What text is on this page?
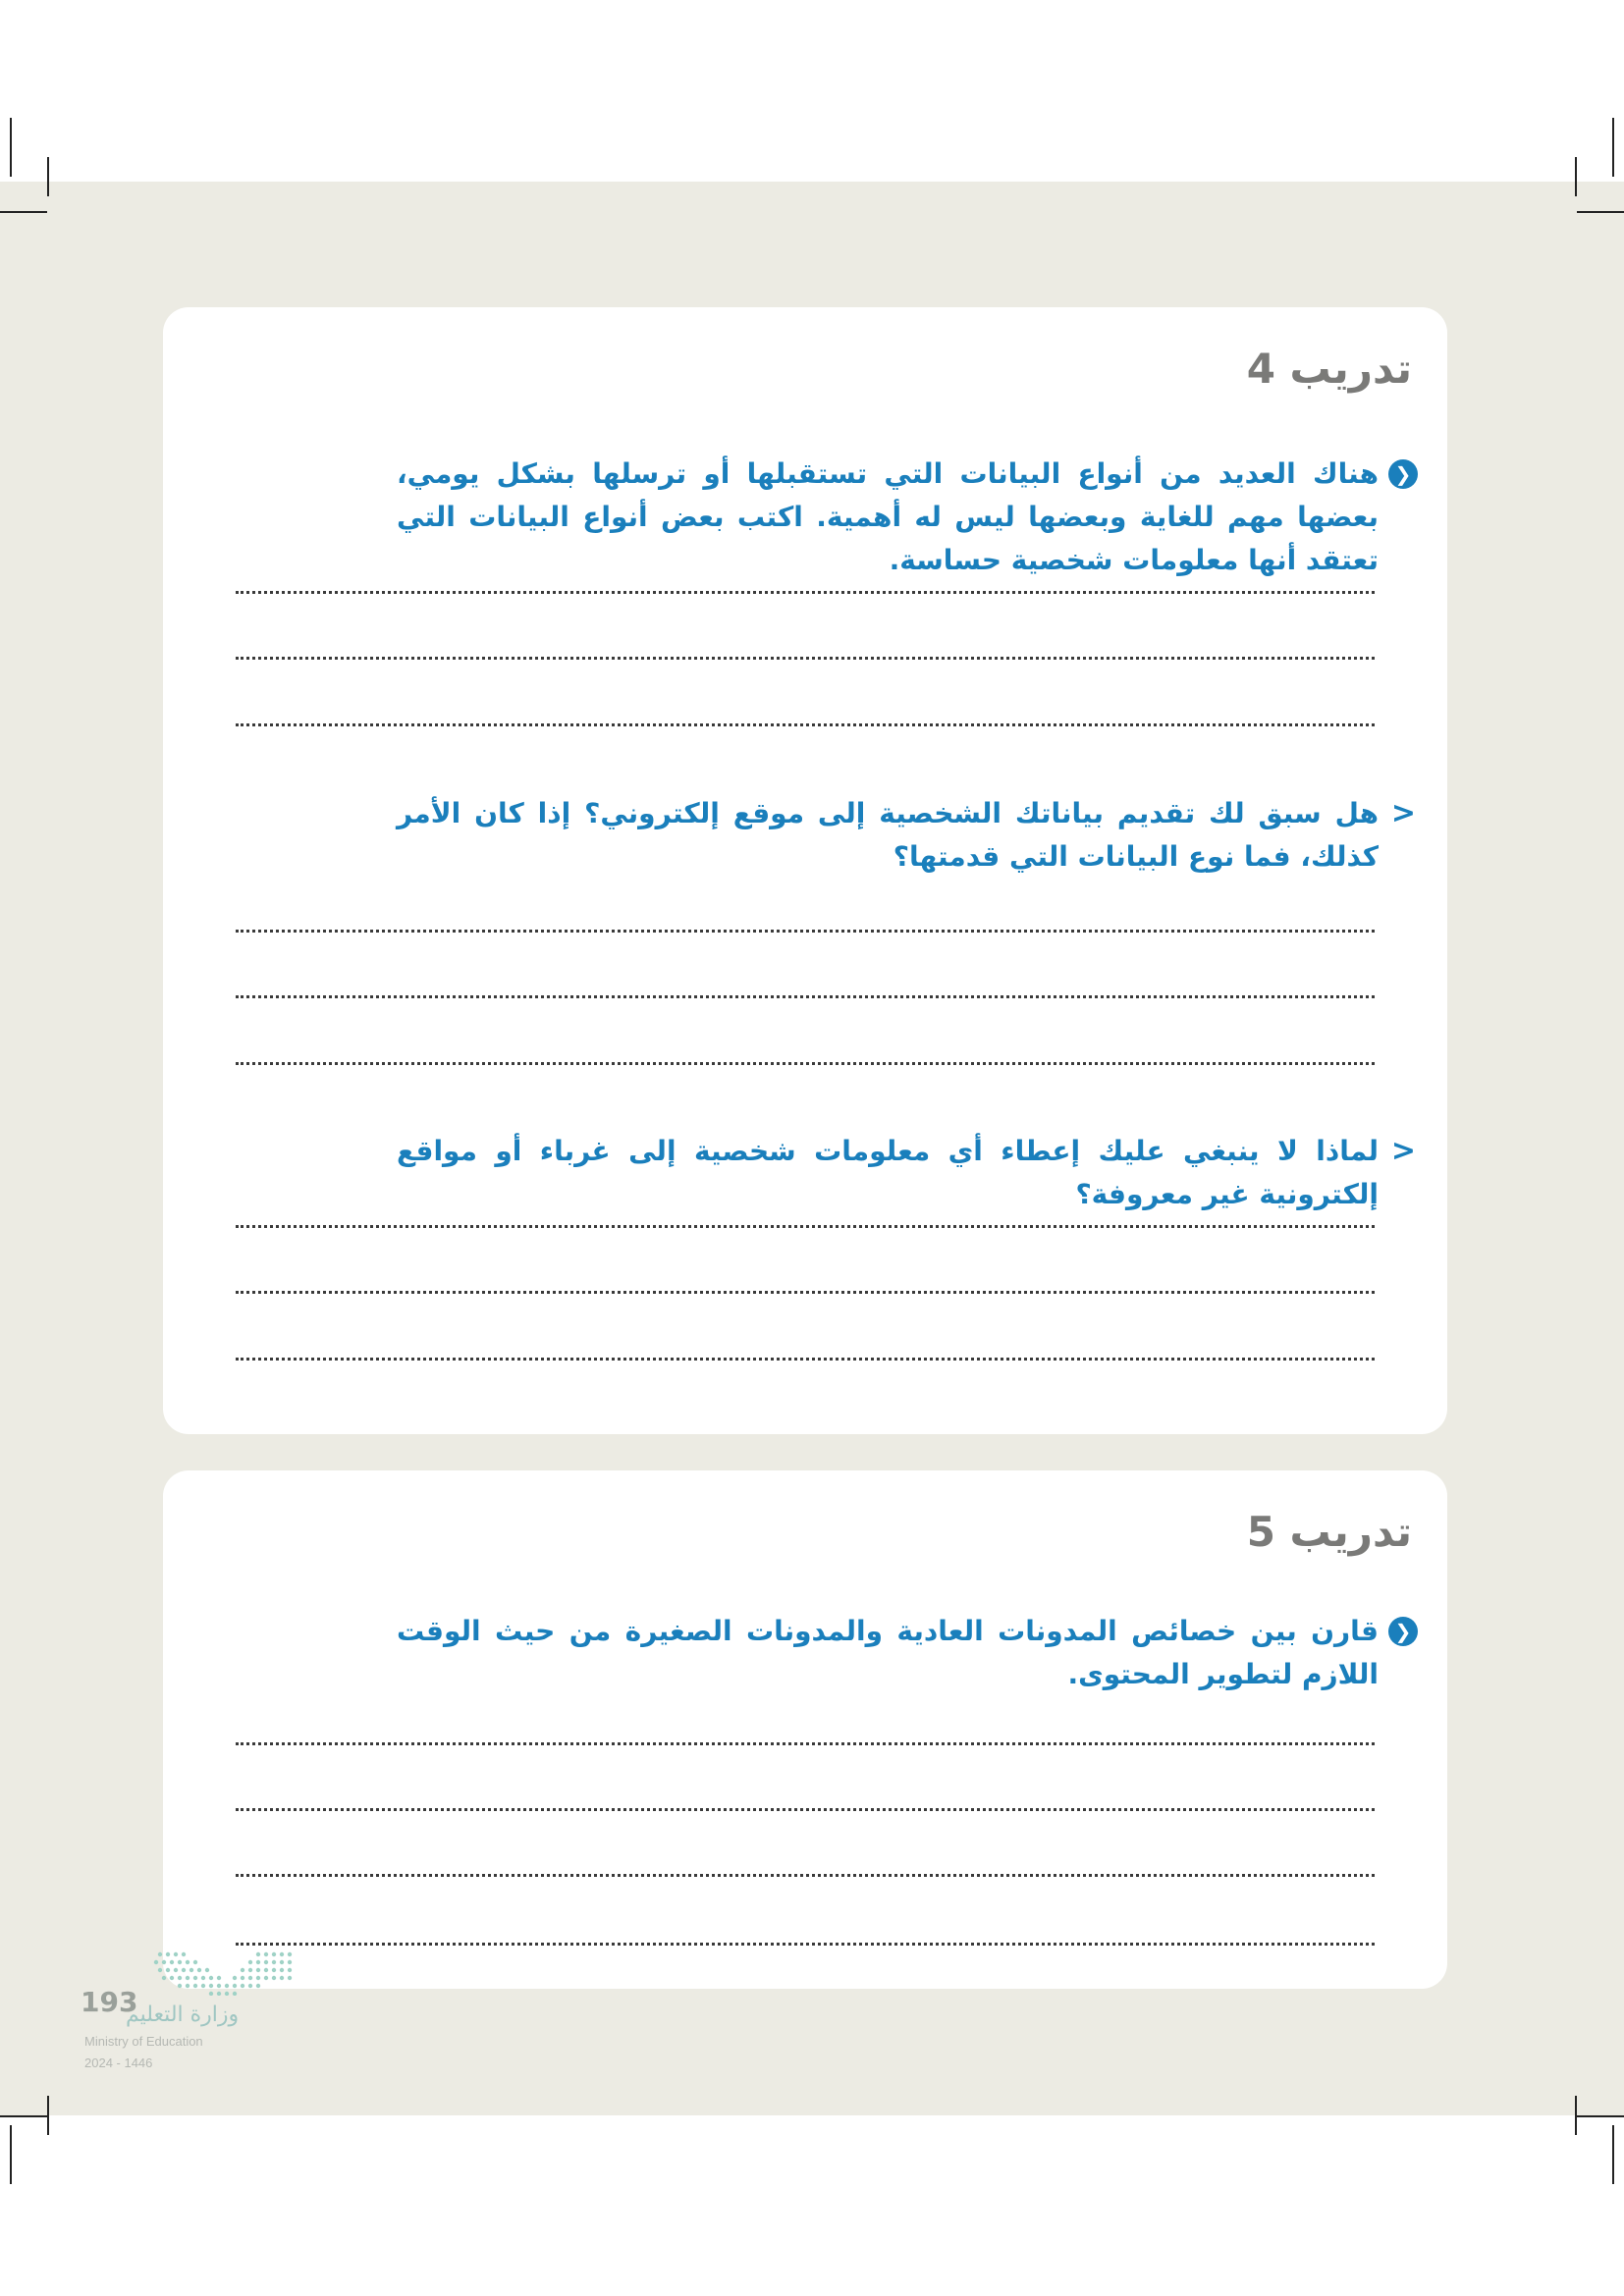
تدريب 4
❮
هناك العديد من أنواع البيانات التي تستقبلها أو ترسلها بشكل يومي، بعضها مهم للغاية وبعضها ليس له أهمية. اكتب بعض أنواع البيانات التي تعتقد أنها معلومات شخصية حساسة.
<
هل سبق لك تقديم بياناتك الشخصية إلى موقع إلكتروني؟ إذا كان الأمر كذلك، فما نوع البيانات التي قدمتها؟
<
لماذا لا ينبغي عليك إعطاء أي معلومات شخصية إلى غرباء أو مواقع إلكترونية غير معروفة؟
تدريب 5
❮
قارن بين خصائص المدونات العادية والمدونات الصغيرة من حيث الوقت اللازم لتطوير المحتوى.
193
وزارة التعليم
Ministry of Education
2024 - 1446
